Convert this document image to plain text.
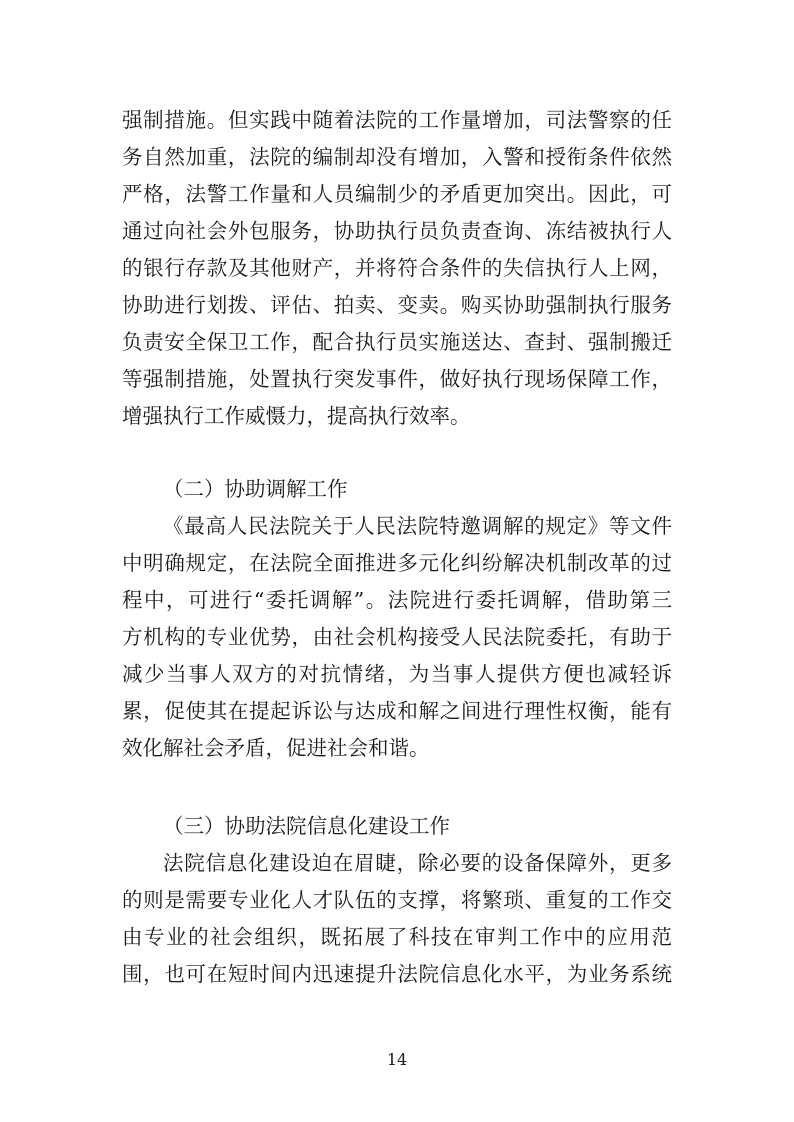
强制措施。但实践中随着法院的工作量增加，司法警察的任
务自然加重，法院的编制却没有增加，入警和授衔条件依然
严格，法警工作量和人员编制少的矛盾更加突出。因此，可
通过向社会外包服务，协助执行员负责查询、冻结被执行人
的银行存款及其他财产，并将符合条件的失信执行人上网，
协助进行划拨、评估、拍卖、变卖。购买协助强制执行服务
负责安全保卫工作，配合执行员实施送达、查封、强制搬迁
等强制措施，处置执行突发事件，做好执行现场保障工作，
增强执行工作威慑力，提高执行效率。
（二）协助调解工作
《最高人民法院关于人民法院特邀调解的规定》等文件
中明确规定，在法院全面推进多元化纠纷解决机制改革的过
程中，可进行“委托调解”。法院进行委托调解，借助第三
方机构的专业优势，由社会机构接受人民法院委托，有助于
减少当事人双方的对抗情绪，为当事人提供方便也减轻诉
累，促使其在提起诉讼与达成和解之间进行理性权衡，能有
效化解社会矛盾，促进社会和谐。
（三）协助法院信息化建设工作
法院信息化建设迫在眉睫，除必要的设备保障外，更多
的则是需要专业化人才队伍的支撑，将繁琐、重复的工作交
由专业的社会组织，既拓展了科技在审判工作中的应用范
围，也可在短时间内迅速提升法院信息化水平，为业务系统
14
